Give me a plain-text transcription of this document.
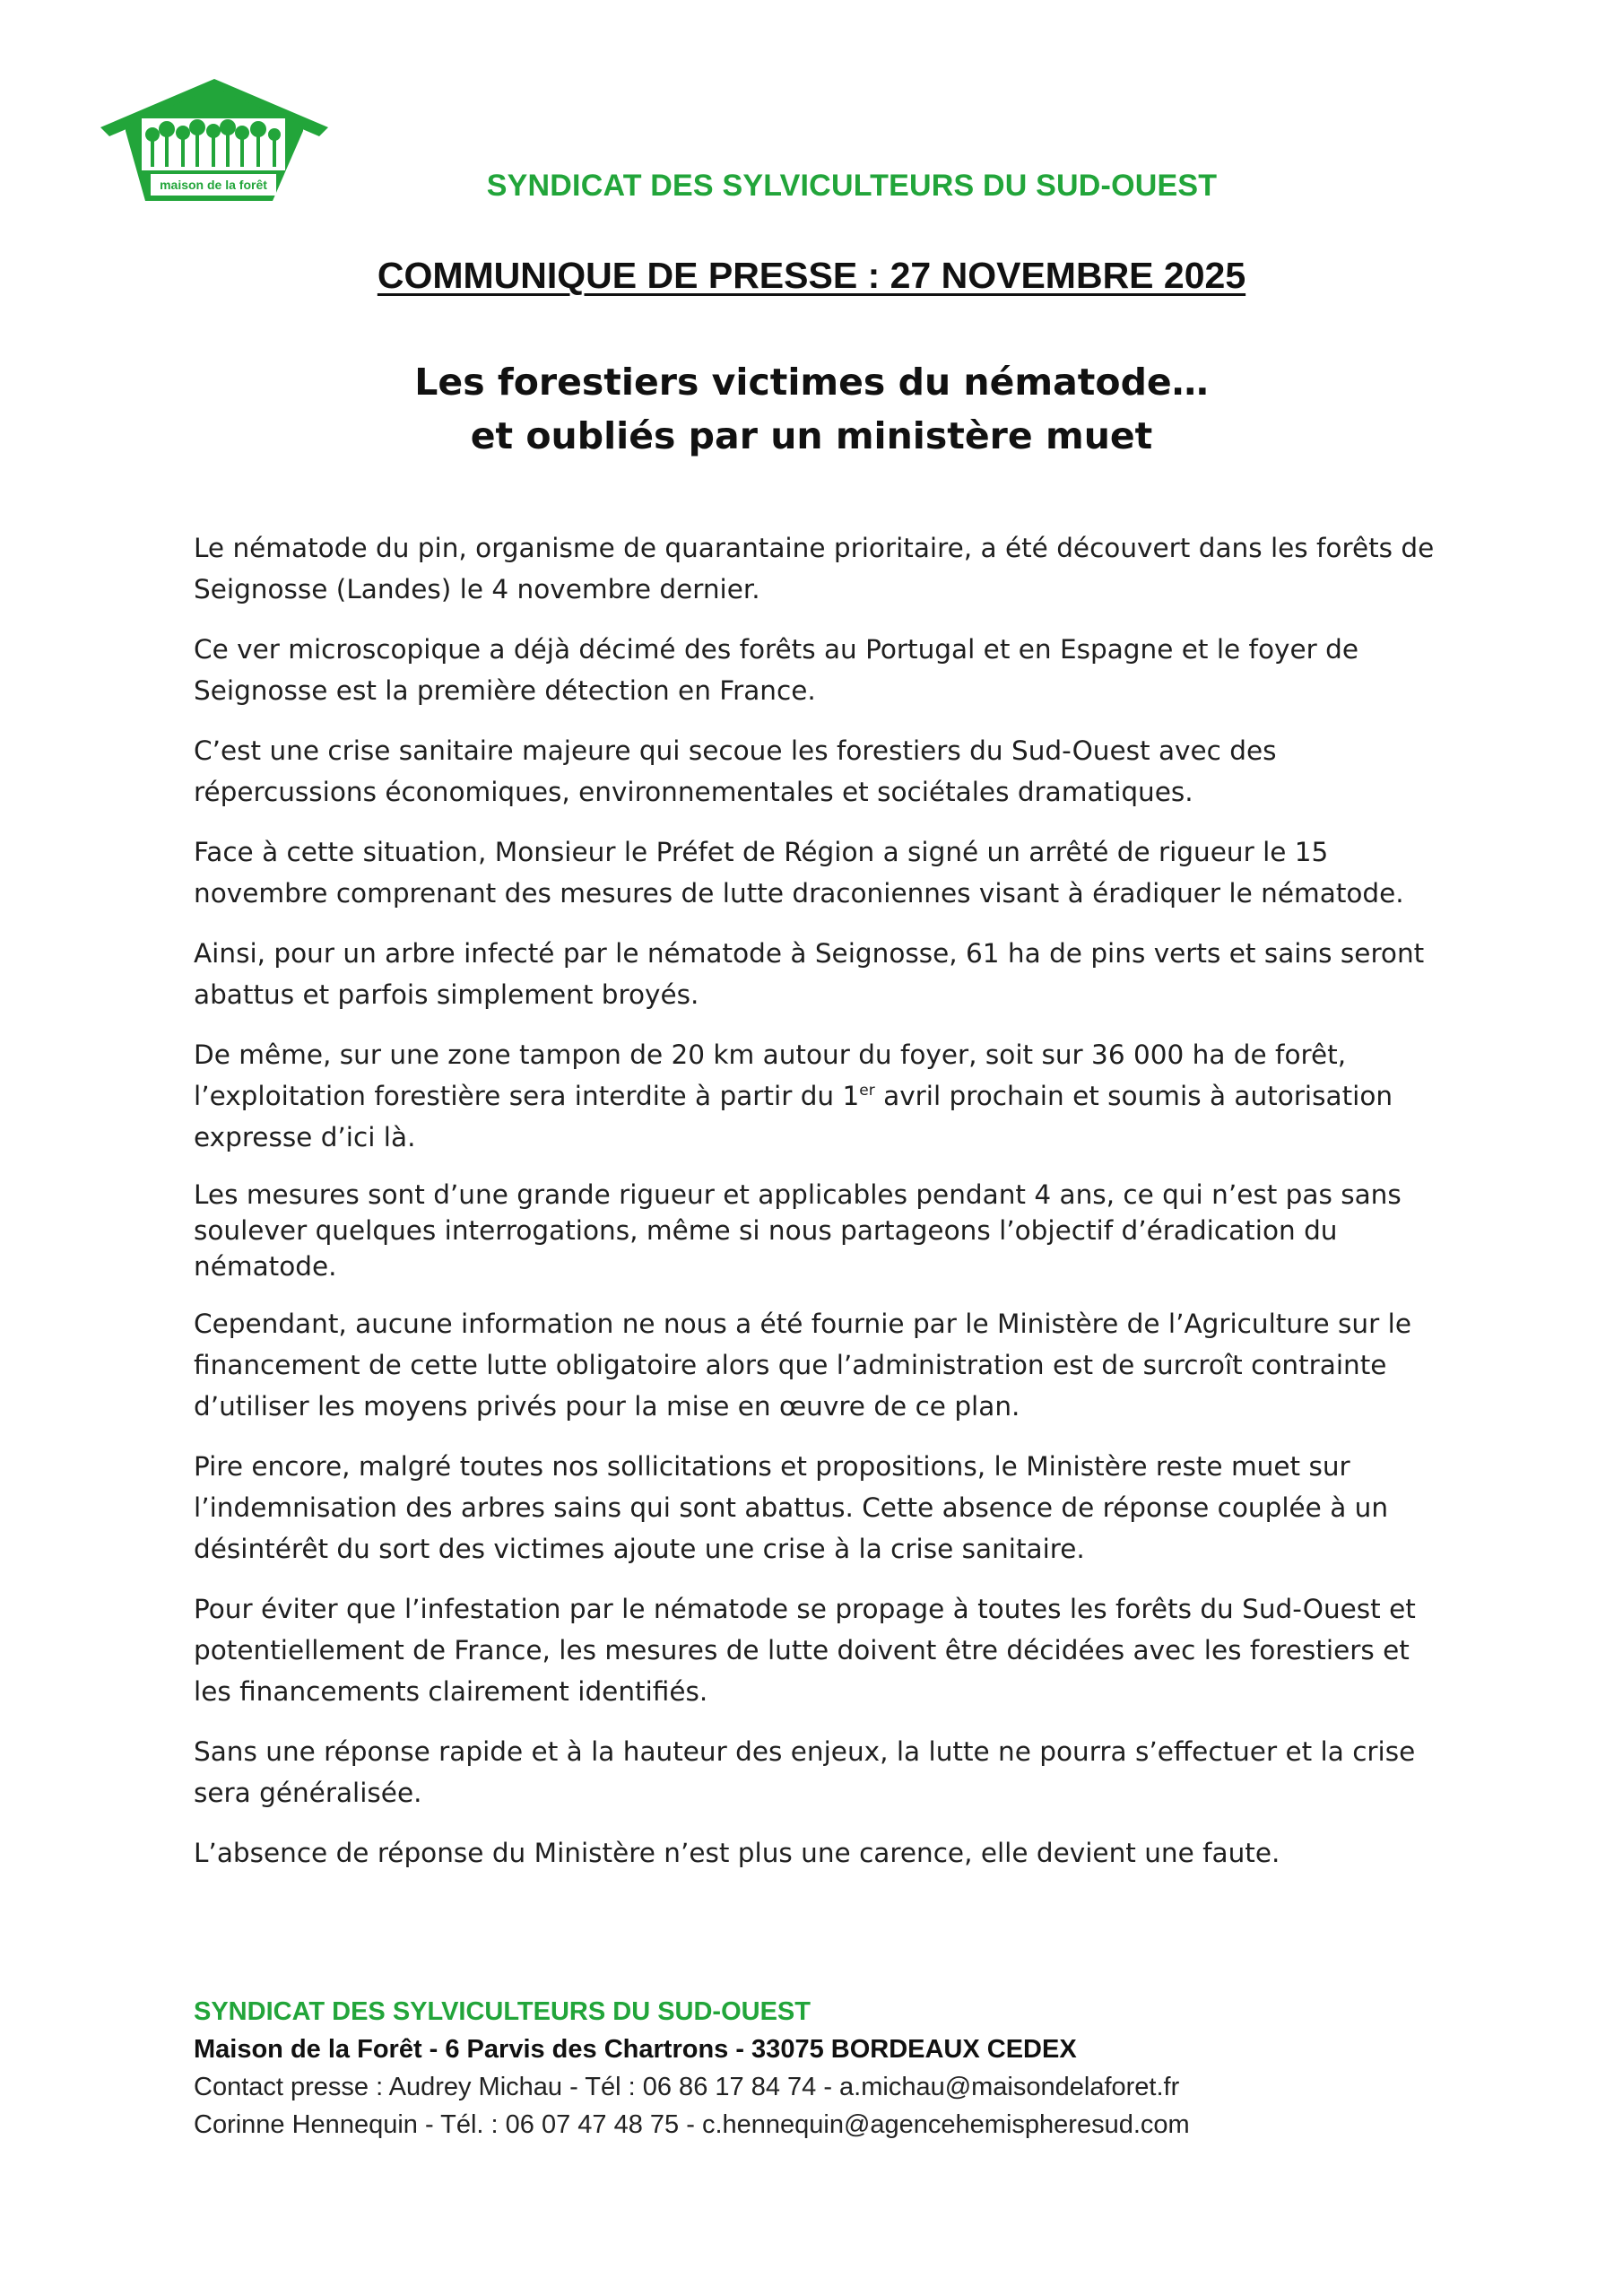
maison de la forêt	SYNDICAT DES SYLVICULTEURS DU SUD-OUEST
COMMUNIQUE DE PRESSE : 27 NOVEMBRE 2025
Les forestiers victimes du nématode…
et oubliés par un ministère muet

Le nématode du pin, organisme de quarantaine prioritaire, a été découvert dans les forêts de Seignosse (Landes) le 4 novembre dernier.

Ce ver microscopique a déjà décimé des forêts au Portugal et en Espagne et le foyer de Seignosse est la première détection en France.

C’est une crise sanitaire majeure qui secoue les forestiers du Sud-Ouest avec des répercussions économiques, environnementales et sociétales dramatiques.

Face à cette situation, Monsieur le Préfet de Région a signé un arrêté de rigueur le 15 novembre comprenant des mesures de lutte draconiennes visant à éradiquer le nématode.

Ainsi, pour un arbre infecté par le nématode à Seignosse, 61 ha de pins verts et sains seront abattus et parfois simplement broyés.

De même, sur une zone tampon de 20 km autour du foyer, soit sur 36 000 ha de forêt, l’exploitation forestière sera interdite à partir du 1er avril prochain et soumis à autorisation expresse d’ici là.

Les mesures sont d’une grande rigueur et applicables pendant 4 ans, ce qui n’est pas sans soulever quelques interrogations, même si nous partageons l’objectif d’éradication du nématode.

Cependant, aucune information ne nous a été fournie par le Ministère de l’Agriculture sur le financement de cette lutte obligatoire alors que l’administration est de surcroît contrainte d’utiliser les moyens privés pour la mise en œuvre de ce plan.

Pire encore, malgré toutes nos sollicitations et propositions, le Ministère reste muet sur l’indemnisation des arbres sains qui sont abattus. Cette absence de réponse couplée à un désintérêt du sort des victimes ajoute une crise à la crise sanitaire.

Pour éviter que l’infestation par le nématode se propage à toutes les forêts du Sud-Ouest et potentiellement de France, les mesures de lutte doivent être décidées avec les forestiers et les financements clairement identifiés.

Sans une réponse rapide et à la hauteur des enjeux, la lutte ne pourra s’effectuer et la crise sera généralisée.

L’absence de réponse du Ministère n’est plus une carence, elle devient une faute.

SYNDICAT DES SYLVICULTEURS DU SUD-OUEST
Maison de la Forêt - 6 Parvis des Chartrons - 33075 BORDEAUX CEDEX
Contact presse : Audrey Michau - Tél : 06 86 17 84 74 - a.michau@maisondelaforet.fr
Corinne Hennequin - Tél. : 06 07 47 48 75 - c.hennequin@agencehemispheresud.com
